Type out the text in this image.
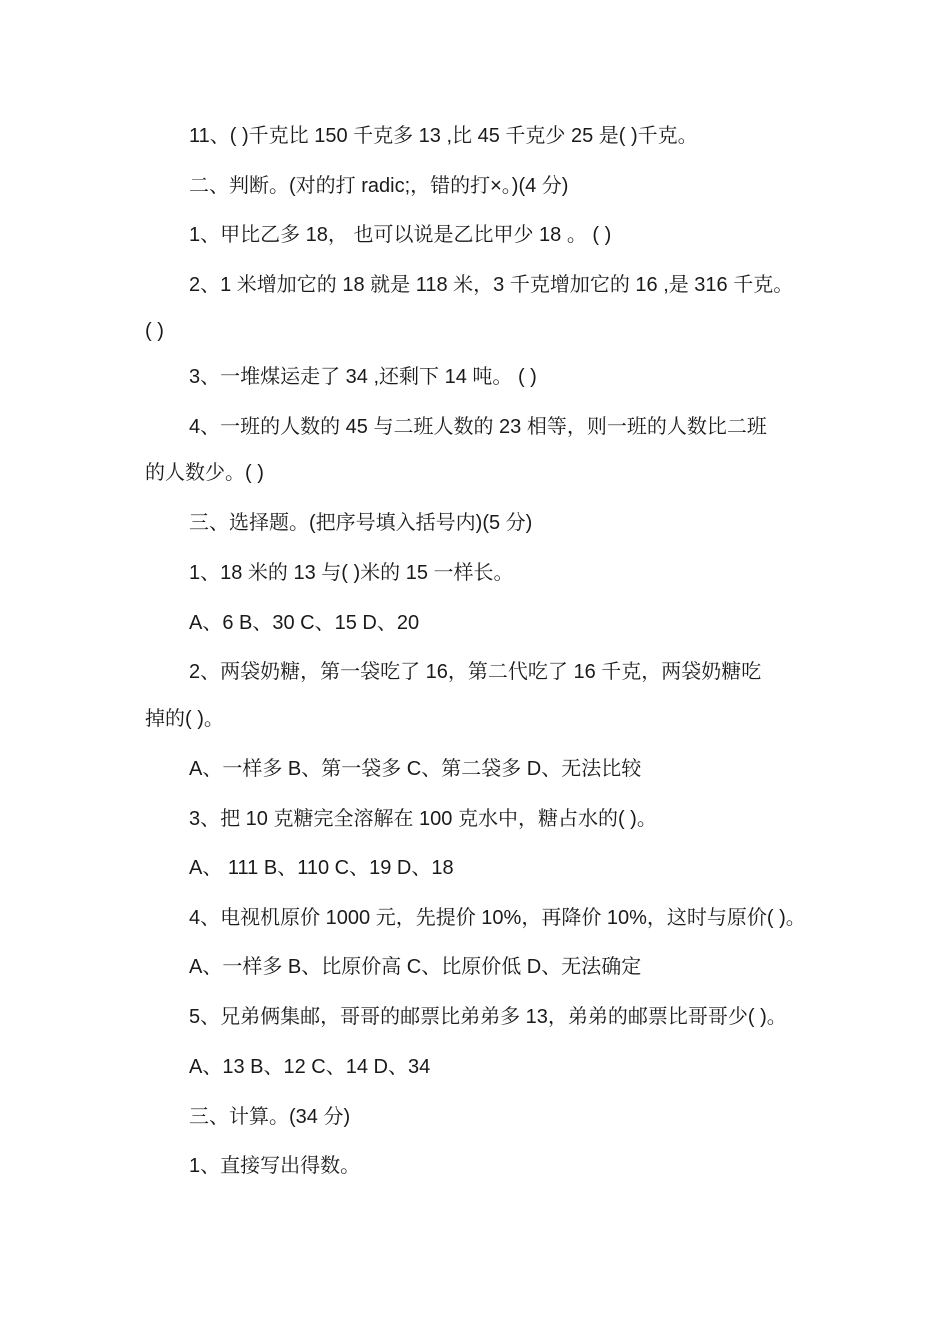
11、( )千克比 150 千克多 13 ,比 45 千克少 25 是( )千克。
二、判断。(对的打 radic;，错的打×。)(4 分)
1、甲比乙多 18， 也可以说是乙比甲少 18 。 ( )
2、1 米增加它的 18 就是 118 米，3 千克增加它的 16 ,是 316 千克。
( )
3、一堆煤运走了 34 ,还剩下 14 吨。 ( )
4、一班的人数的 45 与二班人数的 23 相等，则一班的人数比二班
的人数少。( )
三、选择题。(把序号填入括号内)(5 分)
1、18 米的 13 与( )米的 15 一样长。
A、6 B、30 C、15 D、20
2、两袋奶糖，第一袋吃了 16，第二代吃了 16 千克，两袋奶糖吃
掉的( )。
A、一样多 B、第一袋多 C、第二袋多 D、无法比较
3、把 10 克糖完全溶解在 100 克水中，糖占水的( )。
A、 111 B、110 C、19 D、18
4、电视机原价 1000 元，先提价 10%，再降价 10%，这时与原价( )。
A、一样多 B、比原价高 C、比原价低 D、无法确定
5、兄弟俩集邮，哥哥的邮票比弟弟多 13，弟弟的邮票比哥哥少( )。
A、13 B、12 C、14 D、34
三、计算。(34 分)
1、直接写出得数。
